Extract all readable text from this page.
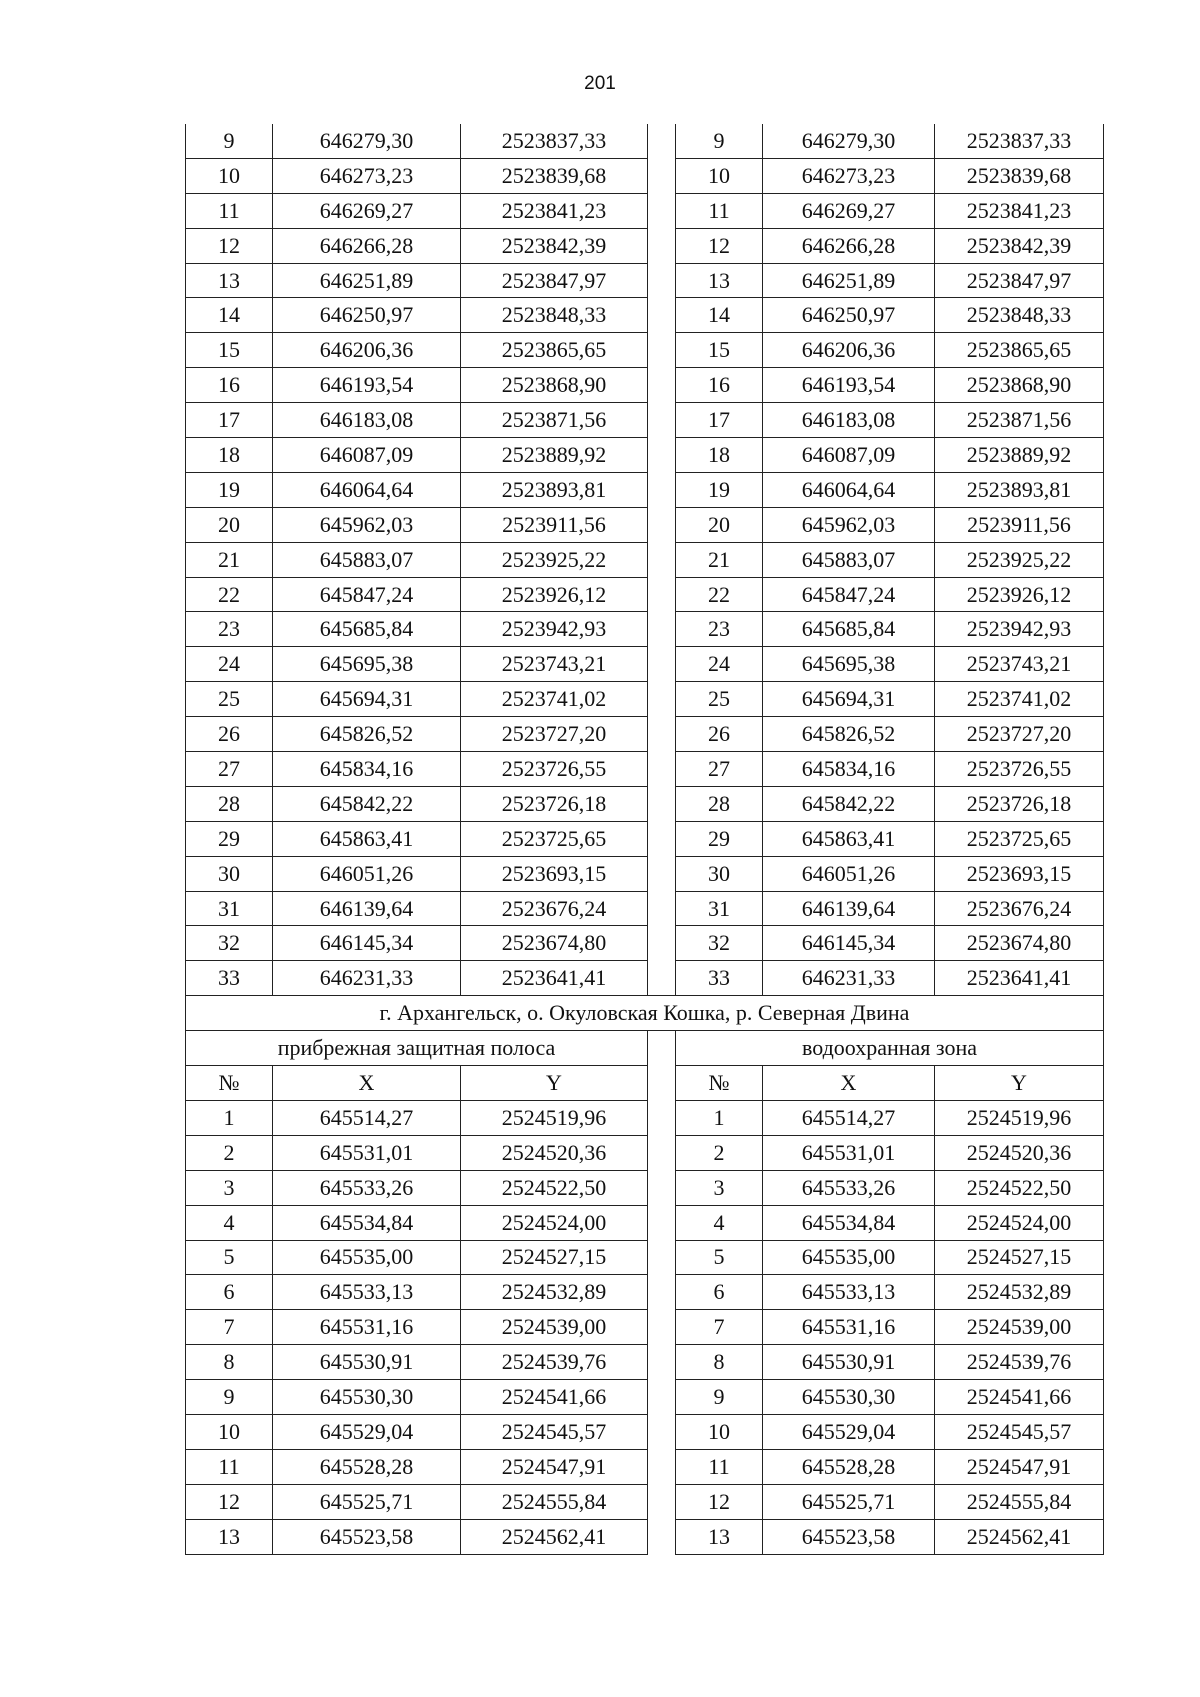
201
9	646279,30	2523837,33		9	646279,30	2523837,33
10	646273,23	2523839,68		10	646273,23	2523839,68
11	646269,27	2523841,23		11	646269,27	2523841,23
12	646266,28	2523842,39		12	646266,28	2523842,39
13	646251,89	2523847,97		13	646251,89	2523847,97
14	646250,97	2523848,33		14	646250,97	2523848,33
15	646206,36	2523865,65		15	646206,36	2523865,65
16	646193,54	2523868,90		16	646193,54	2523868,90
17	646183,08	2523871,56		17	646183,08	2523871,56
18	646087,09	2523889,92		18	646087,09	2523889,92
19	646064,64	2523893,81		19	646064,64	2523893,81
20	645962,03	2523911,56		20	645962,03	2523911,56
21	645883,07	2523925,22		21	645883,07	2523925,22
22	645847,24	2523926,12		22	645847,24	2523926,12
23	645685,84	2523942,93		23	645685,84	2523942,93
24	645695,38	2523743,21		24	645695,38	2523743,21
25	645694,31	2523741,02		25	645694,31	2523741,02
26	645826,52	2523727,20		26	645826,52	2523727,20
27	645834,16	2523726,55		27	645834,16	2523726,55
28	645842,22	2523726,18		28	645842,22	2523726,18
29	645863,41	2523725,65		29	645863,41	2523725,65
30	646051,26	2523693,15		30	646051,26	2523693,15
31	646139,64	2523676,24		31	646139,64	2523676,24
32	646145,34	2523674,80		32	646145,34	2523674,80
33	646231,33	2523641,41		33	646231,33	2523641,41
г. Архангельск, о. Окуловская Кошка, р. Северная Двина						
прибрежная защитная полоса				водоохранная зона		
№	X	Y		№	X	Y
1	645514,27	2524519,96		1	645514,27	2524519,96
2	645531,01	2524520,36		2	645531,01	2524520,36
3	645533,26	2524522,50		3	645533,26	2524522,50
4	645534,84	2524524,00		4	645534,84	2524524,00
5	645535,00	2524527,15		5	645535,00	2524527,15
6	645533,13	2524532,89		6	645533,13	2524532,89
7	645531,16	2524539,00		7	645531,16	2524539,00
8	645530,91	2524539,76		8	645530,91	2524539,76
9	645530,30	2524541,66		9	645530,30	2524541,66
10	645529,04	2524545,57		10	645529,04	2524545,57
11	645528,28	2524547,91		11	645528,28	2524547,91
12	645525,71	2524555,84		12	645525,71	2524555,84
13	645523,58	2524562,41		13	645523,58	2524562,41
